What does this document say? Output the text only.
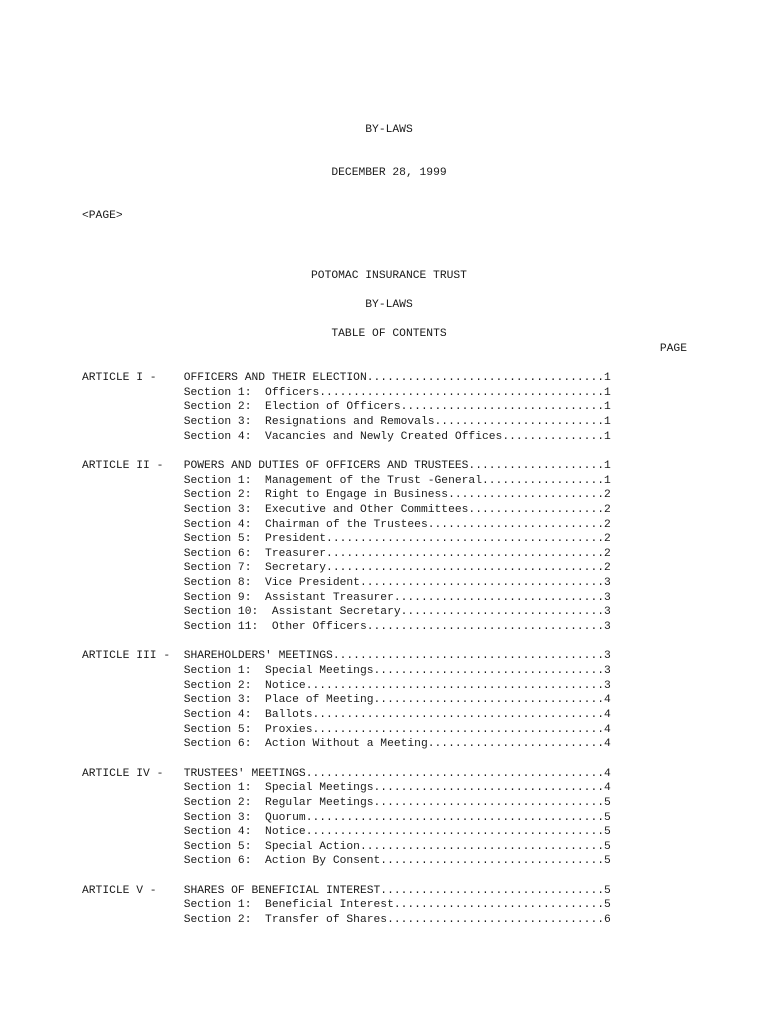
BY-LAWS
DECEMBER 28, 1999
<PAGE>
POTOMAC INSURANCE TRUST
BY-LAWS
TABLE OF CONTENTS
PAGE
ARTICLE I -    OFFICERS AND THEIR ELECTION...................................1
Section 1:  Officers..........................................1
Section 2:  Election of Officers..............................1
Section 3:  Resignations and Removals.........................1
Section 4:  Vacancies and Newly Created Offices...............1
ARTICLE II -   POWERS AND DUTIES OF OFFICERS AND TRUSTEES....................1
Section 1:  Management of the Trust -General..................1
Section 2:  Right to Engage in Business.......................2
Section 3:  Executive and Other Committees....................2
Section 4:  Chairman of the Trustees..........................2
Section 5:  President.........................................2
Section 6:  Treasurer.........................................2
Section 7:  Secretary.........................................2
Section 8:  Vice President....................................3
Section 9:  Assistant Treasurer...............................3
Section 10:  Assistant Secretary..............................3
Section 11:  Other Officers...................................3
ARTICLE III -  SHAREHOLDERS' MEETINGS........................................3
Section 1:  Special Meetings..................................3
Section 2:  Notice............................................3
Section 3:  Place of Meeting..................................4
Section 4:  Ballots...........................................4
Section 5:  Proxies...........................................4
Section 6:  Action Without a Meeting..........................4
ARTICLE IV -   TRUSTEES' MEETINGS............................................4
Section 1:  Special Meetings..................................4
Section 2:  Regular Meetings..................................5
Section 3:  Quorum............................................5
Section 4:  Notice............................................5
Section 5:  Special Action....................................5
Section 6:  Action By Consent.................................5
ARTICLE V -    SHARES OF BENEFICIAL INTEREST.................................5
Section 1:  Beneficial Interest...............................5
Section 2:  Transfer of Shares................................6
